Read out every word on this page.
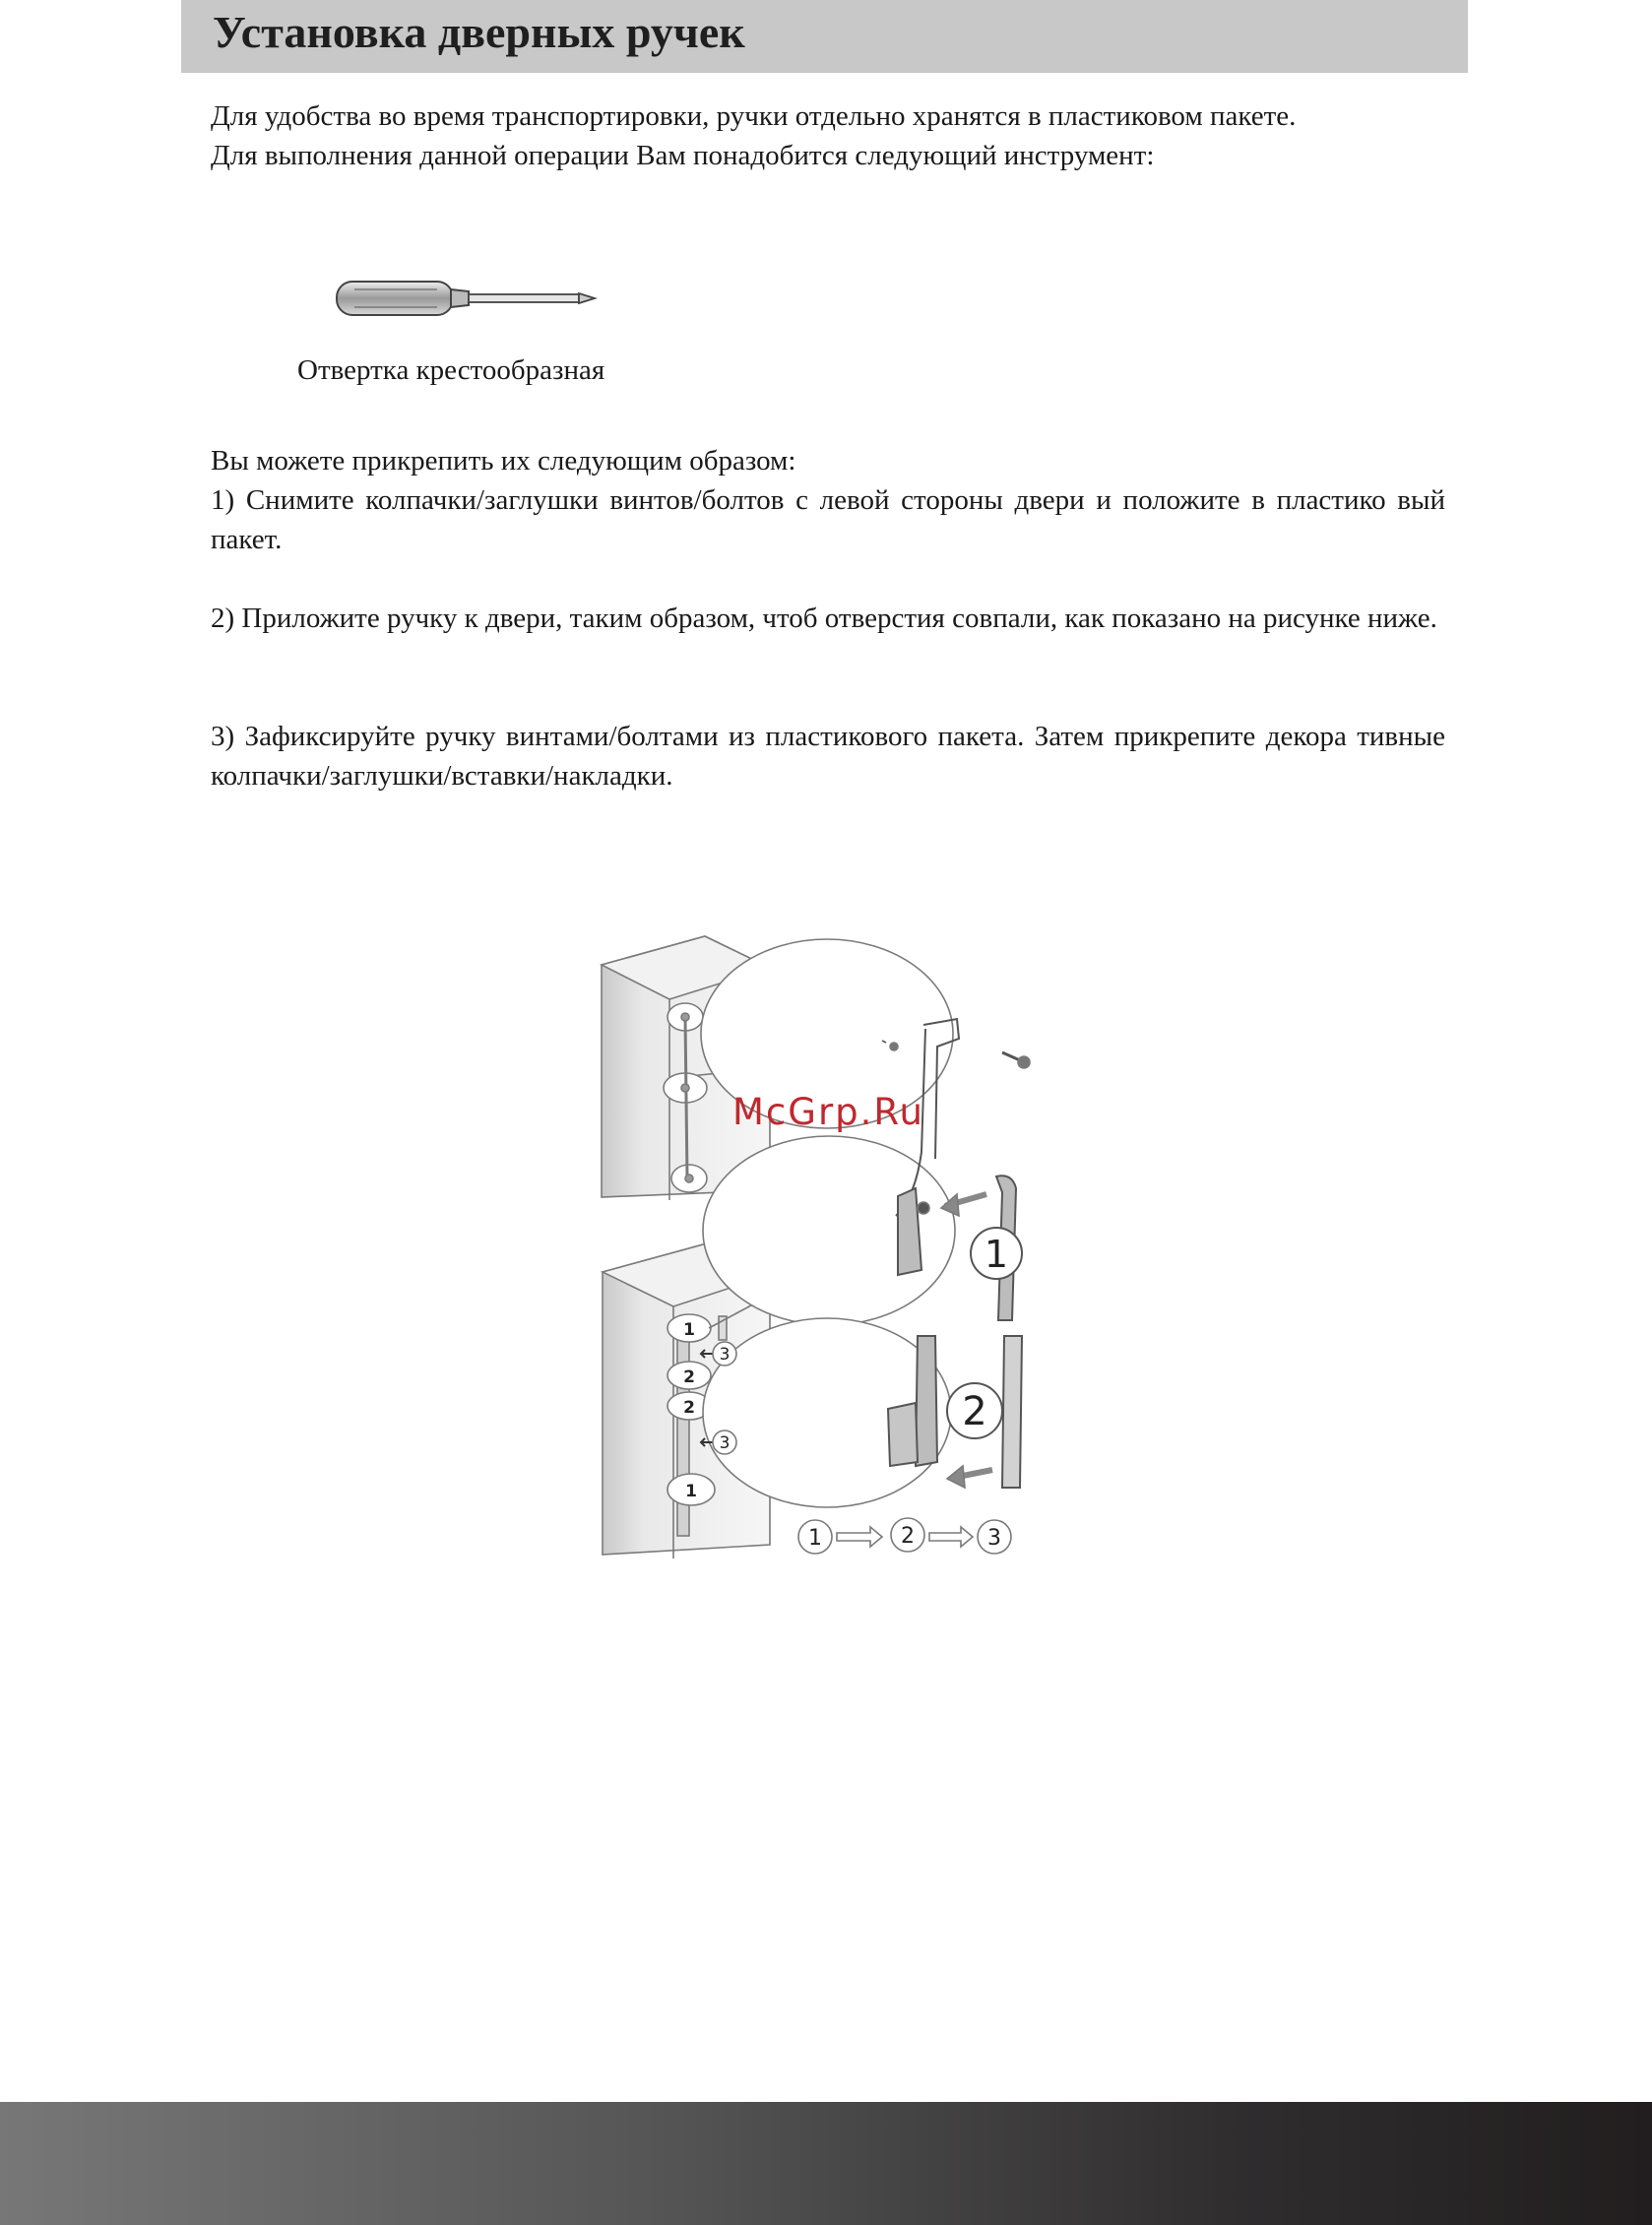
Установка дверных ручек

Для удобства во время транспортировки, ручки отдельно хранятся в пластиковом пакете.

Для выполнения данной операции Вам понадобится следующий инструмент:

Отвертка крестообразная
Вы можете прикрепить их следующим образом:
1) Снимите колпачки/заглушки винтов/болтов с левой стороны двери и положите в пластико вый пакет.
2) Приложите ручку к двери, таким образом, чтоб отверстия совпали, как показано на рисунке ниже.
3) Зафиксируйте ручку винтами/болтами из пластикового пакета. Затем прикрепите декора тивные колпачки/заглушки/вставки/накладки.
1
2
1
2
2
1
3
3
1	2	3
McGrp.Ru
